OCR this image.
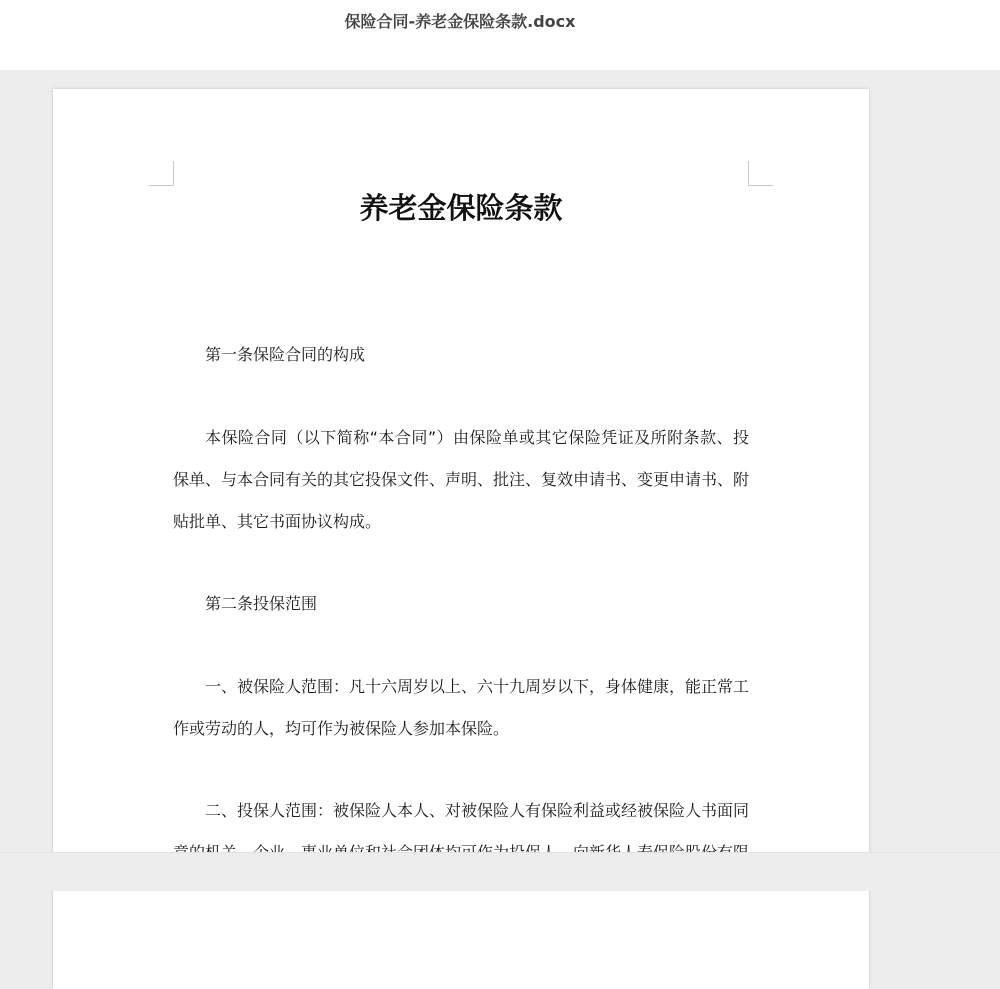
保险合同-养老金保险条款.docx
养老金保险条款

第一条保险合同的构成

本保险合同（以下简称“本合同”）由保险单或其它保险凭证及所附条款、投保单、与本合同有关的其它投保文件、声明、批注、复效申请书、变更申请书、附贴批单、其它书面协议构成。

第二条投保范围

一、被保险人范围：凡十六周岁以上、六十九周岁以下，身体健康，能正常工作或劳动的人，均可作为被保险人参加本保险。

二、投保人范围：被保险人本人、对被保险人有保险利益或经被保险人书面同
